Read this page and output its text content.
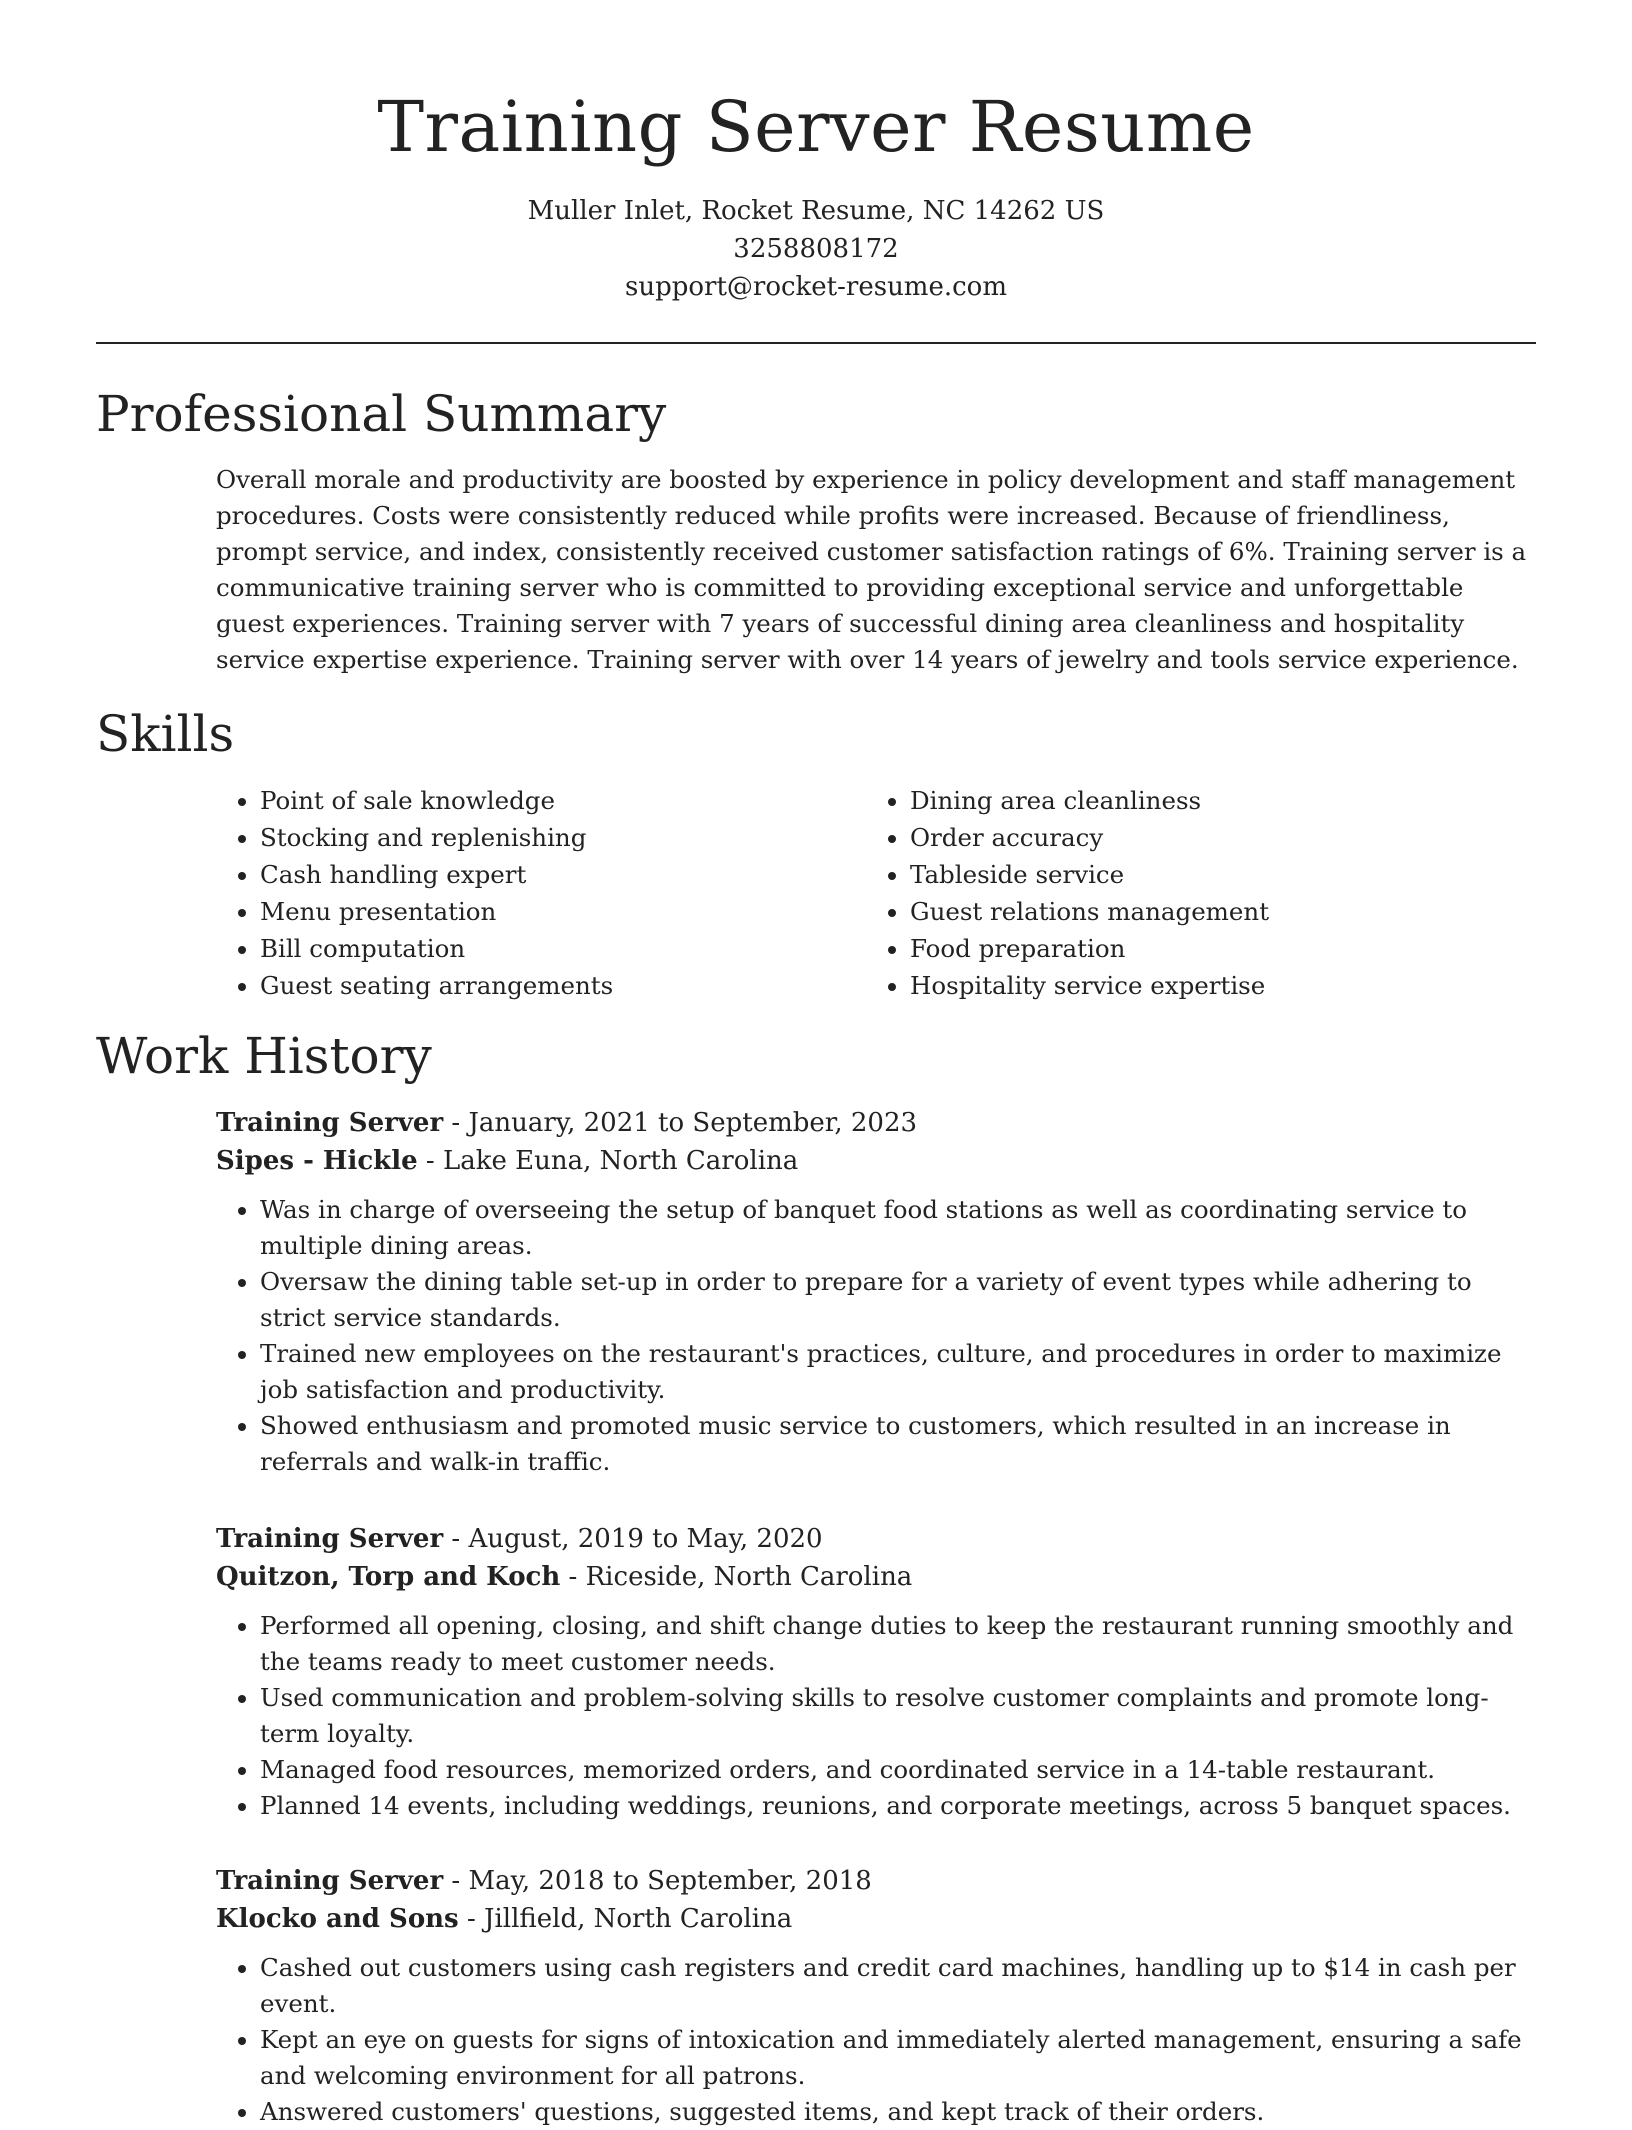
Training Server Resume
Muller Inlet, Rocket Resume, NC 14262 US
3258808172
support@rocket-resume.com
Professional Summary

Overall morale and productivity are boosted by experience in policy development and staff management procedures. Costs were consistently reduced while profits were increased. Because of friendliness, prompt service, and index, consistently received customer satisfaction ratings of 6%. Training server is a communicative training server who is committed to providing exceptional service and unforgettable guest experiences. Training server with 7 years of successful dining area cleanliness and hospitality service expertise experience. Training server with over 14 years of jewelry and tools service experience.

Skills
• Point of sale knowledge
• Stocking and replenishing
• Cash handling expert
• Menu presentation
• Bill computation
• Guest seating arrangements
• Dining area cleanliness
• Order accuracy
• Tableside service
• Guest relations management
• Food preparation
• Hospitality service expertise
Work History
Training Server - January, 2021 to September, 2023
Sipes - Hickle - Lake Euna, North Carolina
• Was in charge of overseeing the setup of banquet food stations as well as coordinating service to multiple dining areas.
• Oversaw the dining table set-up in order to prepare for a variety of event types while adhering to strict service standards.
• Trained new employees on the restaurant's practices, culture, and procedures in order to maximize job satisfaction and productivity.
• Showed enthusiasm and promoted music service to customers, which resulted in an increase in referrals and walk-in traffic.
Training Server - August, 2019 to May, 2020
Quitzon, Torp and Koch - Riceside, North Carolina
• Performed all opening, closing, and shift change duties to keep the restaurant running smoothly and the teams ready to meet customer needs.
• Used communication and problem-solving skills to resolve customer complaints and promote long-term loyalty.
• Managed food resources, memorized orders, and coordinated service in a 14-table restaurant.
• Planned 14 events, including weddings, reunions, and corporate meetings, across 5 banquet spaces.
Training Server - May, 2018 to September, 2018
Klocko and Sons - Jillfield, North Carolina
• Cashed out customers using cash registers and credit card machines, handling up to $14 in cash per event.
• Kept an eye on guests for signs of intoxication and immediately alerted management, ensuring a safe and welcoming environment for all patrons.
• Answered customers' questions, suggested items, and kept track of their orders.
